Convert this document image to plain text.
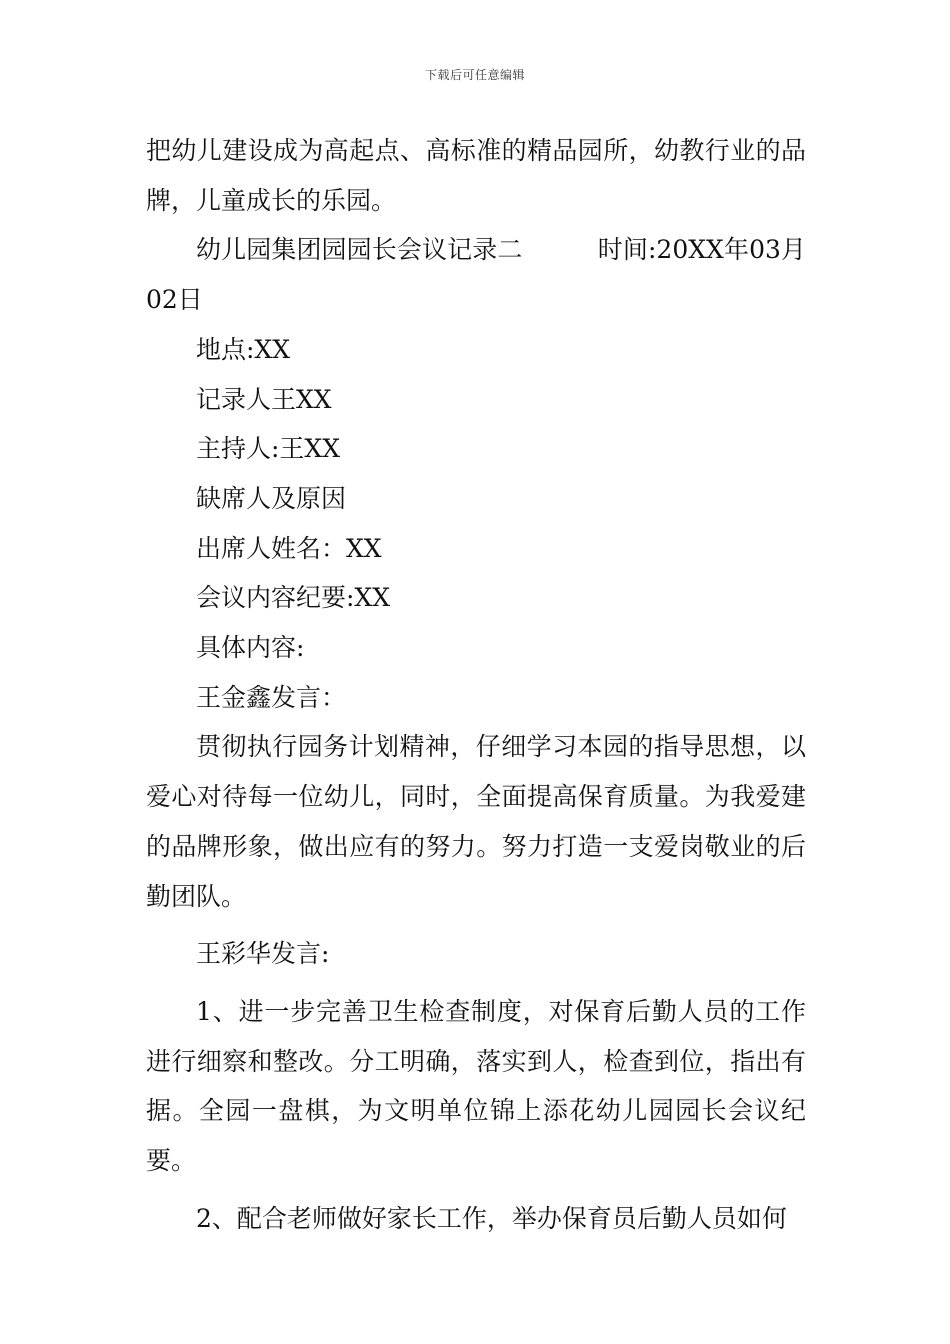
下载后可任意编辑

把幼儿建设成为高起点、高标准的精品园所，幼教行业的品牌，儿童成长的乐园。

幼儿园集团园园长会议记录二　　　时间:20XX年03月02日

地点:XX

记录人王XX

主持人:王XX

缺席人及原因

出席人姓名：XX

会议内容纪要:XX

具体内容:

王金鑫发言：

贯彻执行园务计划精神，仔细学习本园的指导思想，以爱心对待每一位幼儿，同时，全面提高保育质量。为我爱建的品牌形象，做出应有的努力。努力打造一支爱岗敬业的后勤团队。

王彩华发言:

1、进一步完善卫生检查制度，对保育后勤人员的工作进行细察和整改。分工明确，落实到人，检查到位，指出有据。全园一盘棋，为文明单位锦上添花幼儿园园长会议纪要。

2、配合老师做好家长工作，举办保育员后勤人员如何
